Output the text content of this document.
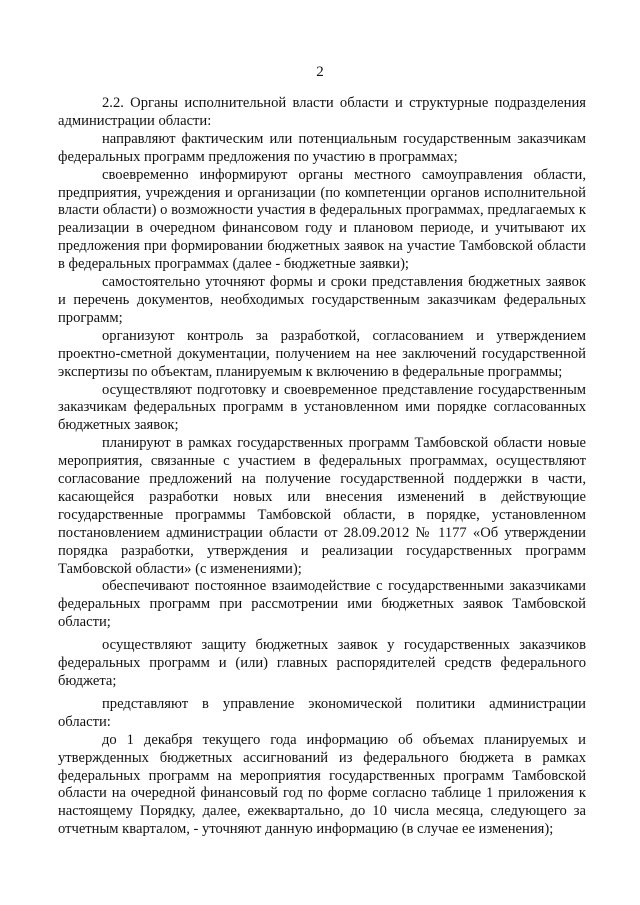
2

2.2. Органы исполнительной власти области и структурные подразделения администрации области:

направляют фактическим или потенциальным государственным заказчикам федеральных программ предложения по участию в программах;

своевременно информируют органы местного самоуправления области, предприятия, учреждения и организации (по компетенции органов исполнительной власти области) о возможности участия в федеральных программах, предлагаемых к реализации в очередном финансовом году и плановом периоде, и учитывают их предложения при формировании бюджетных заявок на участие Тамбовской области в федеральных программах (далее - бюджетные заявки);

самостоятельно уточняют формы и сроки представления бюджетных заявок и перечень документов, необходимых государственным заказчикам федеральных программ;

организуют контроль за разработкой, согласованием и утверждением проектно-сметной документации, получением на нее заключений государственной экспертизы по объектам, планируемым к включению в федеральные программы;

осуществляют подготовку и своевременное представление государственным заказчикам федеральных программ в установленном ими порядке согласованных бюджетных заявок;

планируют в рамках государственных программ Тамбовской области новые мероприятия, связанные с участием в федеральных программах, осуществляют согласование предложений на получение государственной поддержки в части, касающейся разработки новых или внесения изменений в действующие государственные программы Тамбовской области, в порядке, установленном постановлением администрации области от 28.09.2012 № 1177 «Об утверждении порядка разработки, утверждения и реализации государственных программ Тамбовской области» (с изменениями);

обеспечивают постоянное взаимодействие с государственными заказчиками федеральных программ при рассмотрении ими бюджетных заявок Тамбовской области;

осуществляют защиту бюджетных заявок у государственных заказчиков федеральных программ и (или) главных распорядителей средств федерального бюджета;

представляют в управление экономической политики администрации области:

до 1 декабря текущего года информацию об объемах планируемых и утвержденных бюджетных ассигнований из федерального бюджета в рамках федеральных программ на мероприятия государственных программ Тамбовской области на очередной финансовый год по форме согласно таблице 1 приложения к настоящему Порядку, далее, ежеквартально, до 10 числа месяца, следующего за отчетным кварталом, - уточняют данную информацию (в случае ее изменения);
